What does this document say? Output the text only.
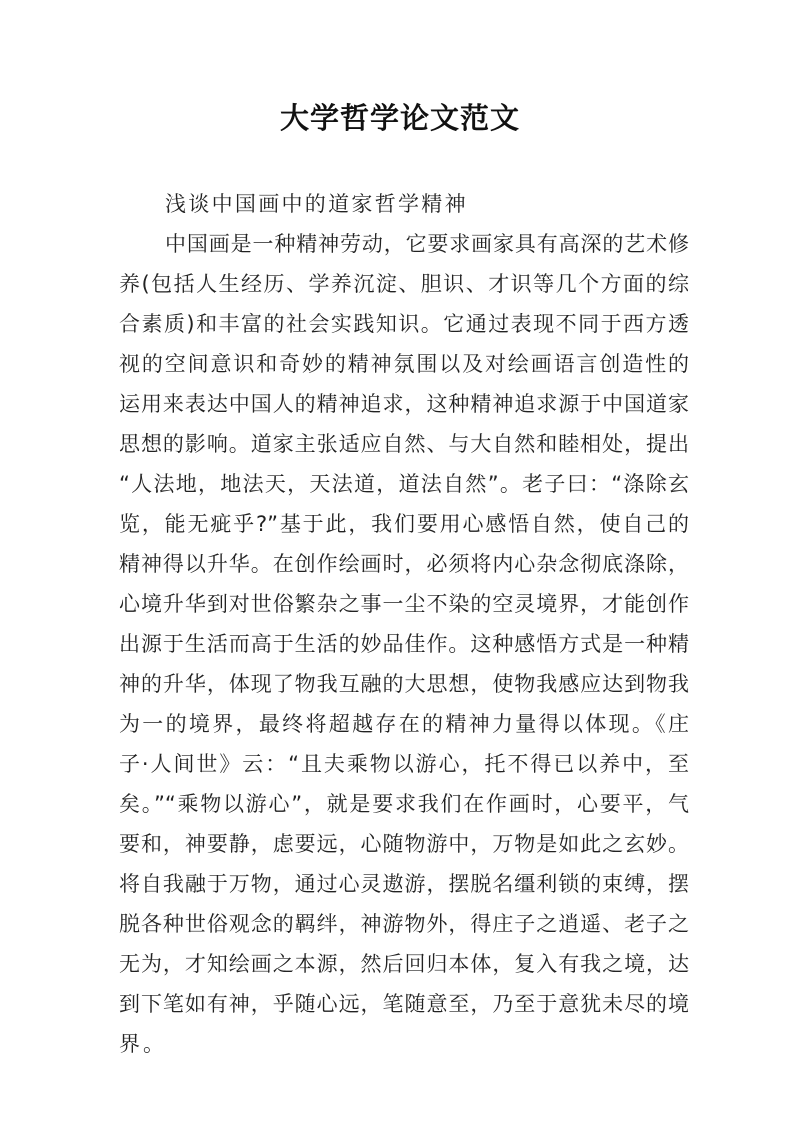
大学哲学论文范文
浅谈中国画中的道家哲学精神
中国画是一种精神劳动，它要求画家具有高深的艺术修
养(包括人生经历、学养沉淀、胆识、才识等几个方面的综
合素质)和丰富的社会实践知识。它通过表现不同于西方透
视的空间意识和奇妙的精神氛围以及对绘画语言创造性的
运用来表达中国人的精神追求，这种精神追求源于中国道家
思想的影响。道家主张适应自然、与大自然和睦相处，提出
“人法地，地法天，天法道，道法自然”。老子曰：“涤除玄
览，能无疵乎?”基于此，我们要用心感悟自然，使自己的
精神得以升华。在创作绘画时，必须将内心杂念彻底涤除，
心境升华到对世俗繁杂之事一尘不染的空灵境界，才能创作
出源于生活而高于生活的妙品佳作。这种感悟方式是一种精
神的升华，体现了物我互融的大思想，使物我感应达到物我
为一的境界，最终将超越存在的精神力量得以体现。《庄
子·人间世》云：“且夫乘物以游心，托不得已以养中，至
矣。”“乘物以游心”，就是要求我们在作画时，心要平，气
要和，神要静，虑要远，心随物游中，万物是如此之玄妙。
将自我融于万物，通过心灵遨游，摆脱名缰利锁的束缚，摆
脱各种世俗观念的羁绊，神游物外，得庄子之逍遥、老子之
无为，才知绘画之本源，然后回归本体，复入有我之境，达
到下笔如有神，乎随心远，笔随意至，乃至于意犹未尽的境
界。
